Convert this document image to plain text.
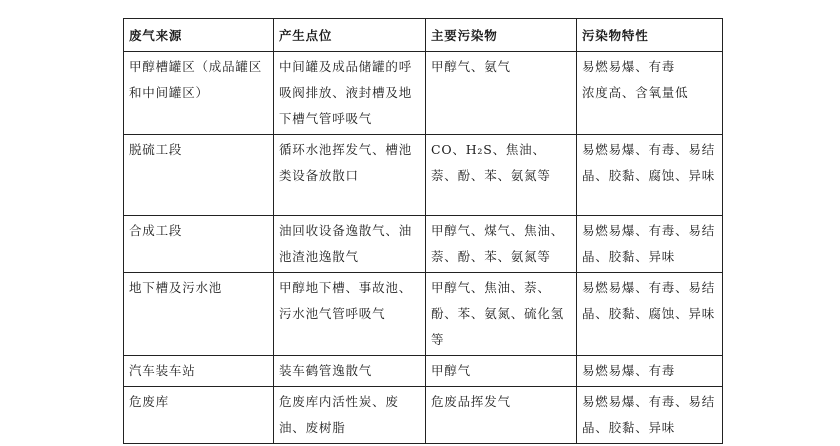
废气来源	产生点位	主要污染物	污染物特性
甲醇槽罐区（成品罐区和中间罐区）	中间罐及成品储罐的呼吸阀排放、液封槽及地下槽气管呼吸气	甲醇气、氨气	易燃易爆、有毒
浓度高、含氧量低
脱硫工段	循环水池挥发气、槽池类设备放散口	CO、H₂S、焦油、萘、酚、苯、氨氮等	易燃易爆、有毒、易结晶、胶黏、腐蚀、异味
合成工段	油回收设备逸散气、油池渣池逸散气	甲醇气、煤气、焦油、萘、酚、苯、氨氮等	易燃易爆、有毒、易结晶、胶黏、异味
地下槽及污水池	甲醇地下槽、事故池、污水池气管呼吸气	甲醇气、焦油、萘、酚、苯、氨氮、硫化氢等	易燃易爆、有毒、易结晶、胶黏、腐蚀、异味
汽车装车站	装车鹤管逸散气	甲醇气	易燃易爆、有毒
危废库	危废库内活性炭、废油、废树脂	危废品挥发气	易燃易爆、有毒、易结晶、胶黏、异味
